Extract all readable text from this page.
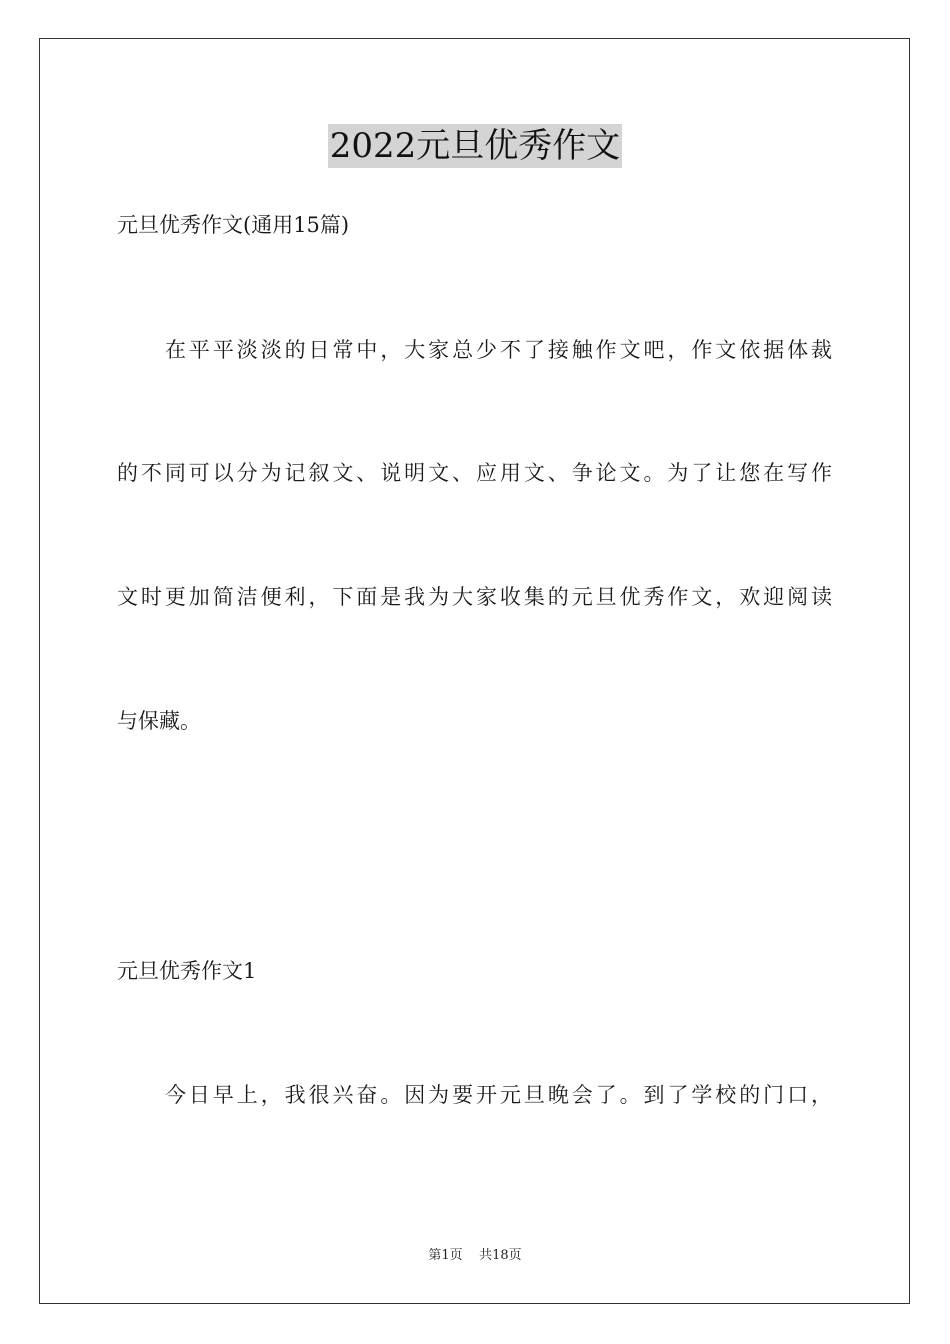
2022元旦优秀作文
元旦优秀作文(通用15篇)
在平平淡淡的日常中，大家总少不了接触作文吧，作文依据体裁
的不同可以分为记叙文、说明文、应用文、争论文。为了让您在写作
文时更加简洁便利，下面是我为大家收集的元旦优秀作文，欢迎阅读
与保藏。
元旦优秀作文1
今日早上，我很兴奋。因为要开元旦晚会了。到了学校的门口，
第1页    共18页
